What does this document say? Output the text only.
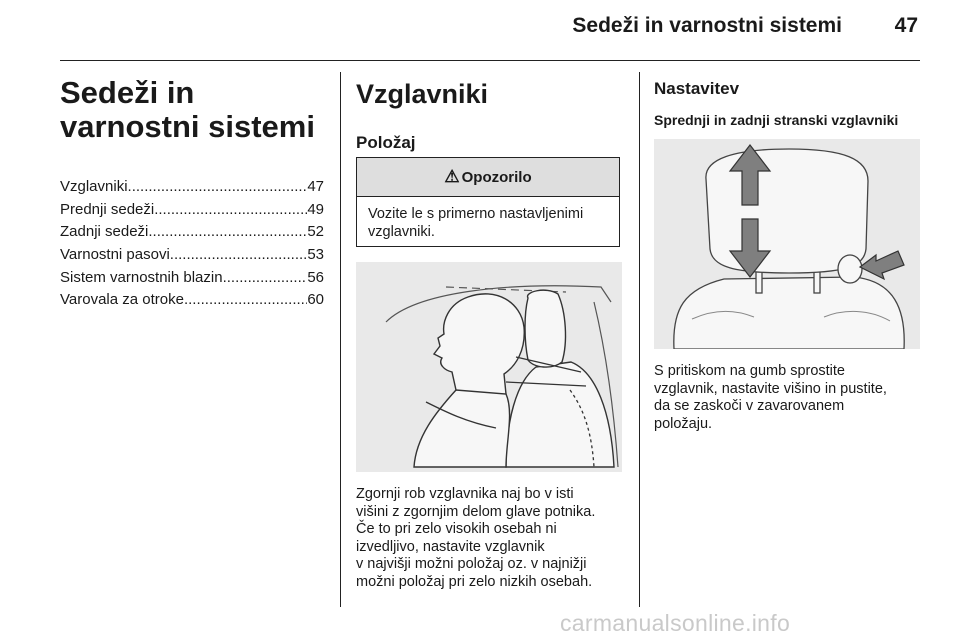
Sedeži in varnostni sistemi	47
Sedeži in varnostni sistemi
Vzglavniki .....	47
Prednji sedeži .....	49
Zadnji sedeži .....	52
Varnostni pasovi .....	53
Sistem varnostnih blazin .....	56
Varovala za otroke .....	60
Vzglavniki
Položaj
⚠ Opozorilo
Vozite le s primerno nastavljenimi vzglavniki.
Zgornji rob vzglavnika naj bo v isti
višini z zgornjim delom glave potnika.
Če to pri zelo visokih osebah ni
izvedljivo, nastavite vzglavnik
v najvišji možni položaj oz. v najnižji
možni položaj pri zelo nizkih osebah.
Nastavitev
Sprednji in zadnji stranski vzglavniki
S pritiskom na gumb sprostite
vzglavnik, nastavite višino in pustite,
da se zaskoči v zavarovanem
položaju.
carmanualsonline.info
